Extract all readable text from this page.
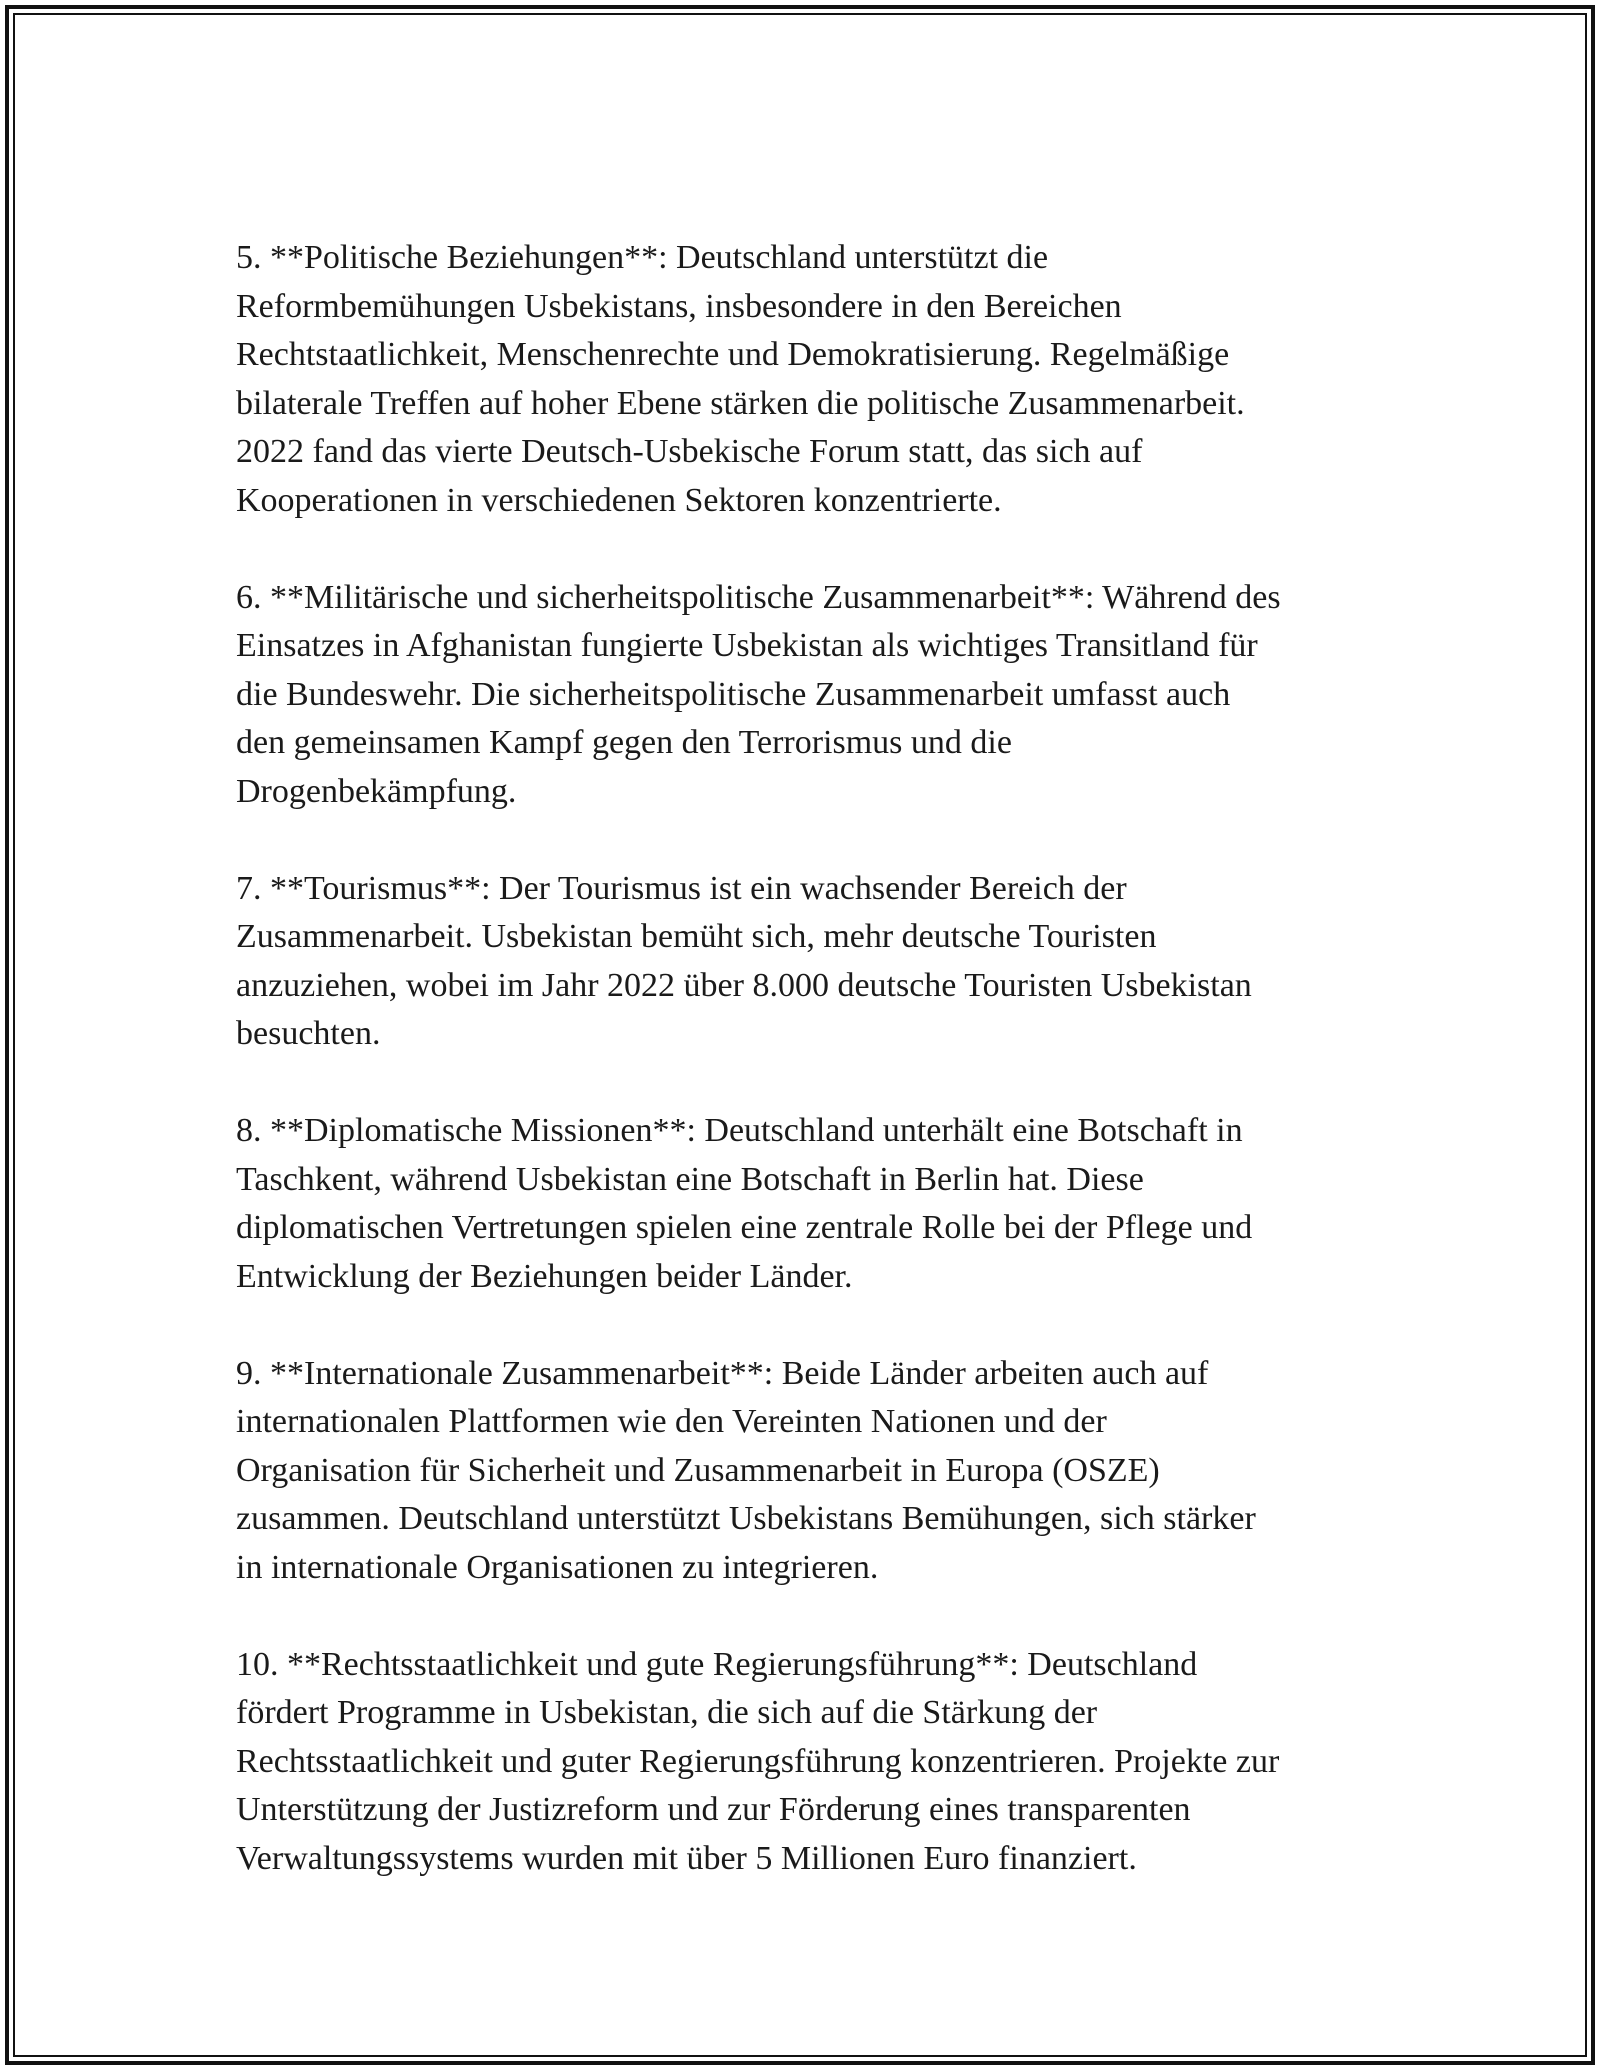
5. **Politische Beziehungen**: Deutschland unterstützt die
Reformbemühungen Usbekistans, insbesondere in den Bereichen
Rechtstaatlichkeit, Menschenrechte und Demokratisierung. Regelmäßige
bilaterale Treffen auf hoher Ebene stärken die politische Zusammenarbeit.
2022 fand das vierte Deutsch-Usbekische Forum statt, das sich auf
Kooperationen in verschiedenen Sektoren konzentrierte.

6. **Militärische und sicherheitspolitische Zusammenarbeit**: Während des
Einsatzes in Afghanistan fungierte Usbekistan als wichtiges Transitland für
die Bundeswehr. Die sicherheitspolitische Zusammenarbeit umfasst auch
den gemeinsamen Kampf gegen den Terrorismus und die
Drogenbekämpfung.

7. **Tourismus**: Der Tourismus ist ein wachsender Bereich der
Zusammenarbeit. Usbekistan bemüht sich, mehr deutsche Touristen
anzuziehen, wobei im Jahr 2022 über 8.000 deutsche Touristen Usbekistan
besuchten.

8. **Diplomatische Missionen**: Deutschland unterhält eine Botschaft in
Taschkent, während Usbekistan eine Botschaft in Berlin hat. Diese
diplomatischen Vertretungen spielen eine zentrale Rolle bei der Pflege und
Entwicklung der Beziehungen beider Länder.

9. **Internationale Zusammenarbeit**: Beide Länder arbeiten auch auf
internationalen Plattformen wie den Vereinten Nationen und der
Organisation für Sicherheit und Zusammenarbeit in Europa (OSZE)
zusammen. Deutschland unterstützt Usbekistans Bemühungen, sich stärker
in internationale Organisationen zu integrieren.

10. **Rechtsstaatlichkeit und gute Regierungsführung**: Deutschland
fördert Programme in Usbekistan, die sich auf die Stärkung der
Rechtsstaatlichkeit und guter Regierungsführung konzentrieren. Projekte zur
Unterstützung der Justizreform und zur Förderung eines transparenten
Verwaltungssystems wurden mit über 5 Millionen Euro finanziert.
